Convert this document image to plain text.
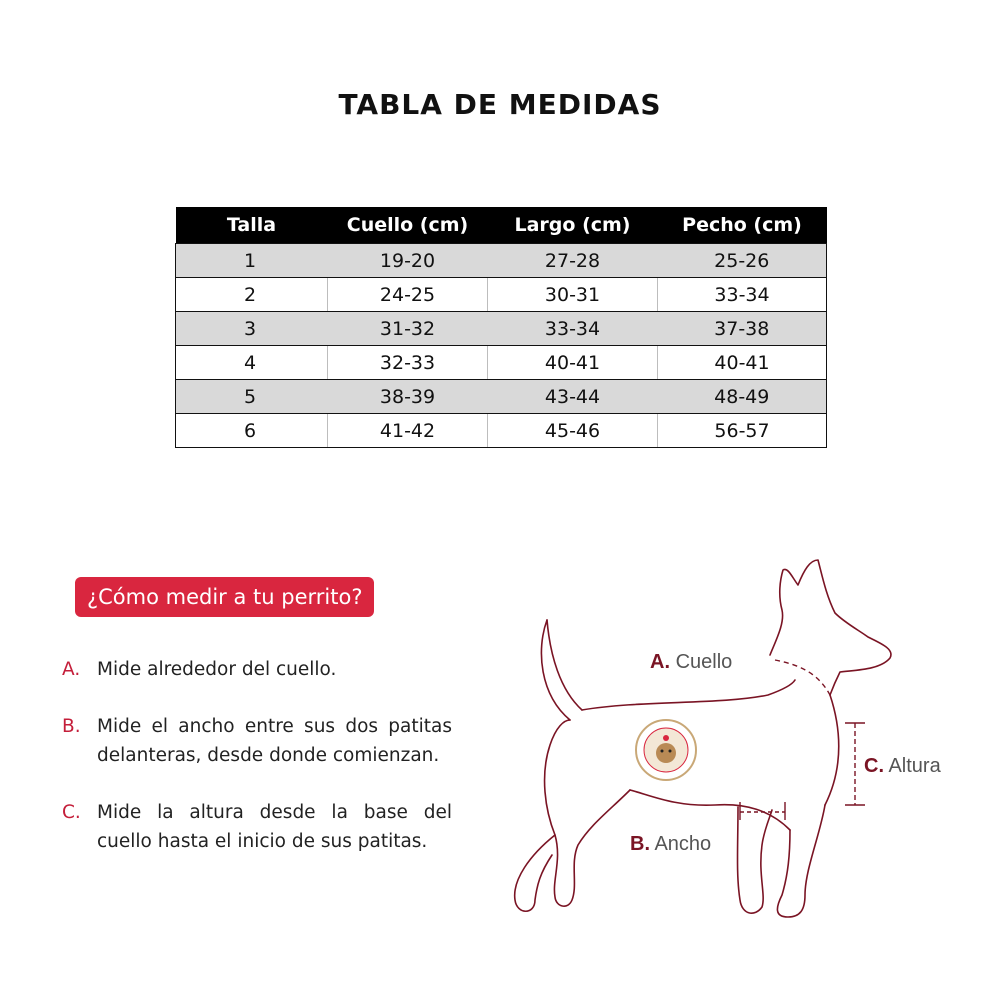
TABLA DE MEDIDAS
Talla	Cuello (cm)	Largo (cm)	Pecho (cm)
1	19-20	27-28	25-26
2	24-25	30-31	33-34
3	31-32	33-34	37-38
4	32-33	40-41	40-41
5	38-39	43-44	48-49
6	41-42	45-46	56-57
¿Cómo medir a tu perrito?
A. Mide alrededor del cuello.
B. Mide el ancho entre sus dos patitas delanteras, desde donde comienzan.
C. Mide la altura desde la base del cuello hasta el inicio de sus patitas.
A. Cuello
C. Altura
B. Ancho
